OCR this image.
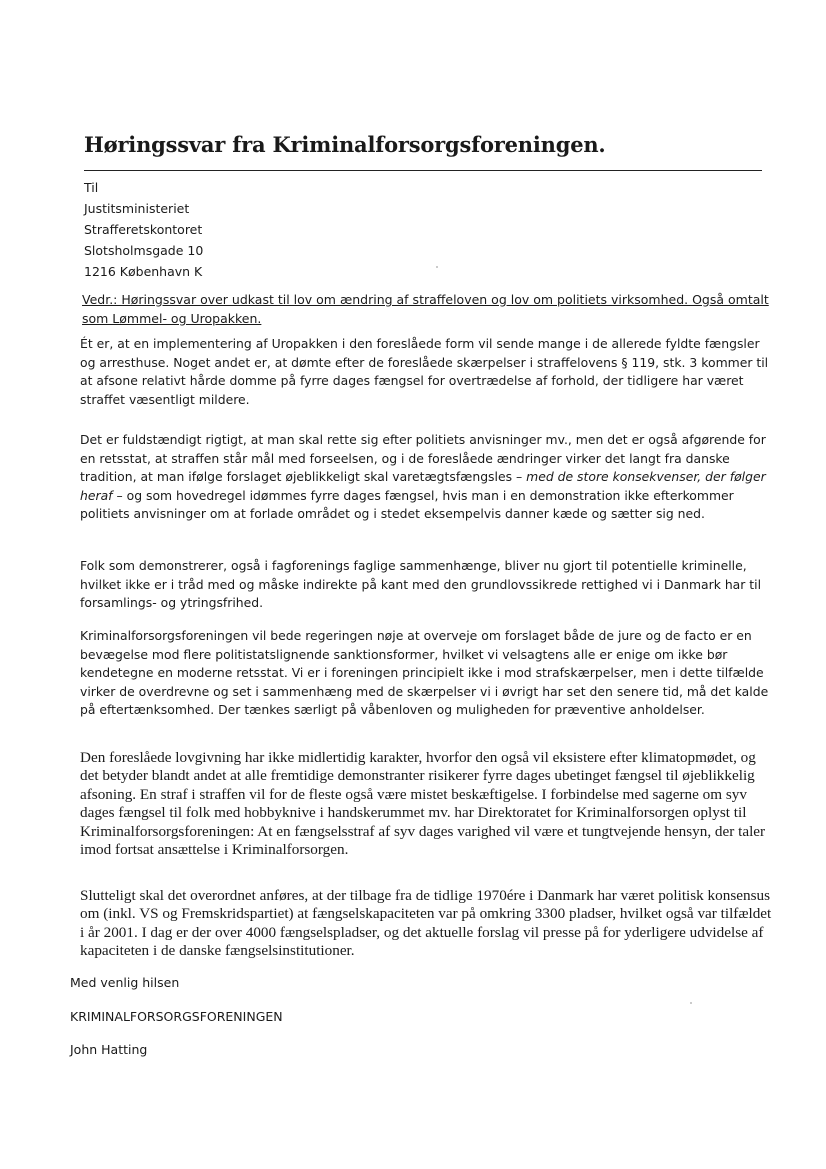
Høringssvar fra Kriminalforsorgsforeningen.
Til
Justitsministeriet
Strafferetskontoret
Slotsholmsgade 10
1216 København K
Vedr.: Høringssvar over udkast til lov om ændring af straffeloven og lov om politiets virksomhed. Også omtalt som Lømmel- og Uropakken.

Ét er, at en implementering af Uropakken i den foreslåede form vil sende mange i de allerede fyldte fængsler og arresthuse. Noget andet er, at dømte efter de foreslåede skærpelser i straffelovens § 119, stk. 3 kommer til at afsone relativt hårde domme på fyrre dages fængsel for overtrædelse af forhold, der tidligere har været straffet væsentligt mildere.

Det er fuldstændigt rigtigt, at man skal rette sig efter politiets anvisninger mv., men det er også afgørende for en retsstat, at straffen står mål med forseelsen, og i de foreslåede ændringer virker det langt fra danske tradition, at man ifølge forslaget øjeblikkeligt skal varetægtsfængsles – med de store konsekvenser, der følger heraf – og som hovedregel idømmes fyrre dages fængsel, hvis man i en demonstration ikke efterkommer politiets anvisninger om at forlade området og i stedet eksempelvis danner kæde og sætter sig ned.

Folk som demonstrerer, også i fagforenings faglige sammenhænge, bliver nu gjort til potentielle kriminelle, hvilket ikke er i tråd med og måske indirekte på kant med den grundlovssikrede rettighed vi i Danmark har til forsamlings- og ytringsfrihed.

Kriminalforsorgsforeningen vil bede regeringen nøje at overveje om forslaget både de jure og de facto er en bevægelse mod flere politistatslignende sanktionsformer, hvilket vi velsagtens alle er enige om ikke bør kendetegne en moderne retsstat. Vi er i foreningen principielt ikke i mod strafskærpelser, men i dette tilfælde virker de overdrevne og set i sammenhæng med de skærpelser vi i øvrigt har set den senere tid, må det kalde på eftertænksomhed. Der tænkes særligt på våbenloven og muligheden for præventive anholdelser.

Den foreslåede lovgivning har ikke midlertidig karakter, hvorfor den også vil eksistere efter klimatopmødet, og det betyder blandt andet at alle fremtidige demonstranter risikerer fyrre dages ubetinget fængsel til øjeblikkelig afsoning. En straf i straffen vil for de fleste også være mistet beskæftigelse. I forbindelse med sagerne om syv dages fængsel til folk med hobbyknive i handskerummet mv. har Direktoratet for Kriminalforsorgen oplyst til Kriminalforsorgsforeningen: At en fængselsstraf af syv dages varighed vil være et tungtvejende hensyn, der taler imod fortsat ansættelse i Kriminalforsorgen.

Slutteligt skal det overordnet anføres, at der tilbage fra de tidlige 1970ére i Danmark har været politisk konsensus om (inkl. VS og Fremskridspartiet) at fængselskapaciteten var på omkring 3300 pladser, hvilket også var tilfældet i år 2001. I dag er der over 4000 fængselspladser, og det aktuelle forslag vil presse på for yderligere udvidelse af kapaciteten i de danske fængselsinstitutioner.

Med venlig hilsen
KRIMINALFORSORGSFORENINGEN
John Hatting
